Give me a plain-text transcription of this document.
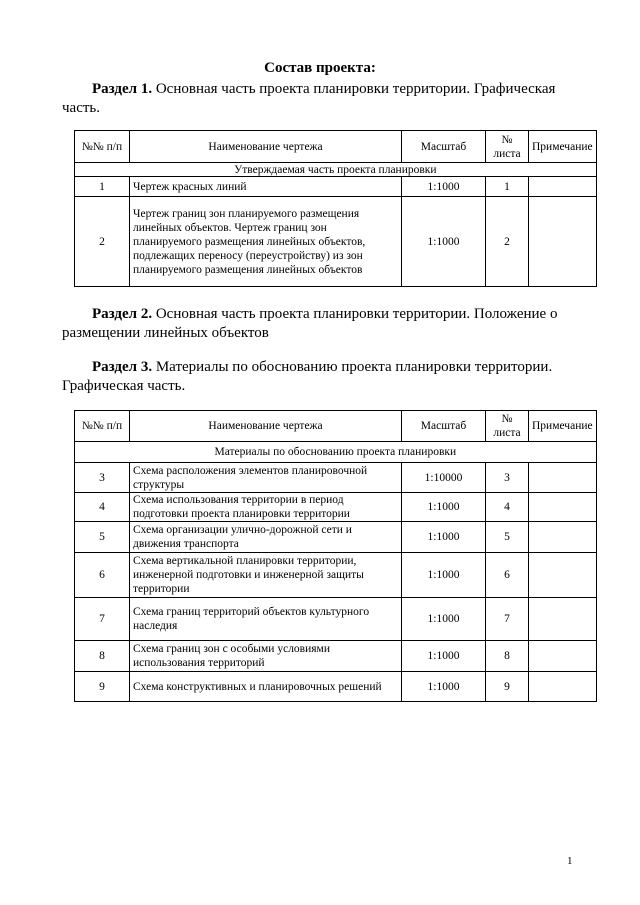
Состав проекта:
Раздел 1. Основная часть проекта планировки территории. Графическая часть.
№№ п/п	Наименование чертежа	Масштаб	№ листа	Примечание
Утверждаемая часть проекта планировки				
1	Чертеж красных линий	1:1000	1	
2	Чертеж границ зон планируемого размещения линейных объектов. Чертеж границ зон планируемого размещения линейных объектов, подлежащих переносу (переустройству) из зон планируемого размещения линейных объектов	1:1000	2	
Раздел 2. Основная часть проекта планировки территории. Положение о размещении линейных объектов
Раздел 3. Материалы по обоснованию проекта планировки территории. Графическая часть.
№№ п/п	Наименование чертежа	Масштаб	№ листа	Примечание
Материалы по обоснованию проекта планировки				
3	Схема расположения элементов планировочной структуры	1:10000	3	
4	Схема использования территории в период подготовки проекта планировки территории	1:1000	4	
5	Схема организации улично-дорожной сети и движения транспорта	1:1000	5	
6	Схема вертикальной планировки территории, инженерной подготовки и инженерной защиты территории	1:1000	6	
7	Схема границ территорий объектов культурного наследия	1:1000	7	
8	Схема границ зон с особыми условиями использования территорий	1:1000	8	
9	Схема конструктивных и планировочных решений	1:1000	9	
1
